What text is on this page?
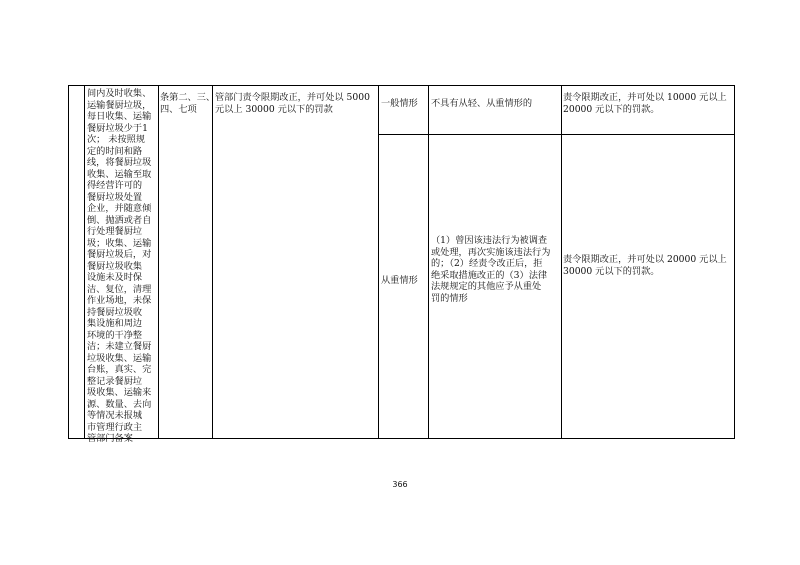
间内及时收集、
运输餐厨垃圾，
每日收集、运输
餐厨垃圾少于1
次； 未按照规
定的时间和路
线，将餐厨垃圾
收集、运输至取
得经营许可的
餐厨垃圾处置
企业，并随意倾
倒、抛洒或者自
行处理餐厨垃
圾；收集、运输
餐厨垃圾后，对
餐厨垃圾收集
设施未及时保
洁、复位，清理
作业场地，未保
持餐厨垃圾收
集设施和周边
环境的干净整
洁；未建立餐厨
垃圾收集、运输
台账，真实、完
整记录餐厨垃
圾收集、运输来
源、数量、去向
等情况未报城
市管理行政主
管部门备案
条第二、三、
四、七项
管部门责令限期改正，并可处以 5000
元以上 30000 元以下的罚款	一般情形	不具有从轻、从重情形的
责令限期改正，并可处以 10000 元以上
20000 元以下的罚款。
从重情形
（1）曾因该违法行为被调查
或处理，再次实施该违法行为
的；（2）经责令改正后，拒
绝采取措施改正的（3）法律
法规规定的其他应予从重处
罚的情形
责令限期改正，并可处以 20000 元以上
30000 元以下的罚款。
366
